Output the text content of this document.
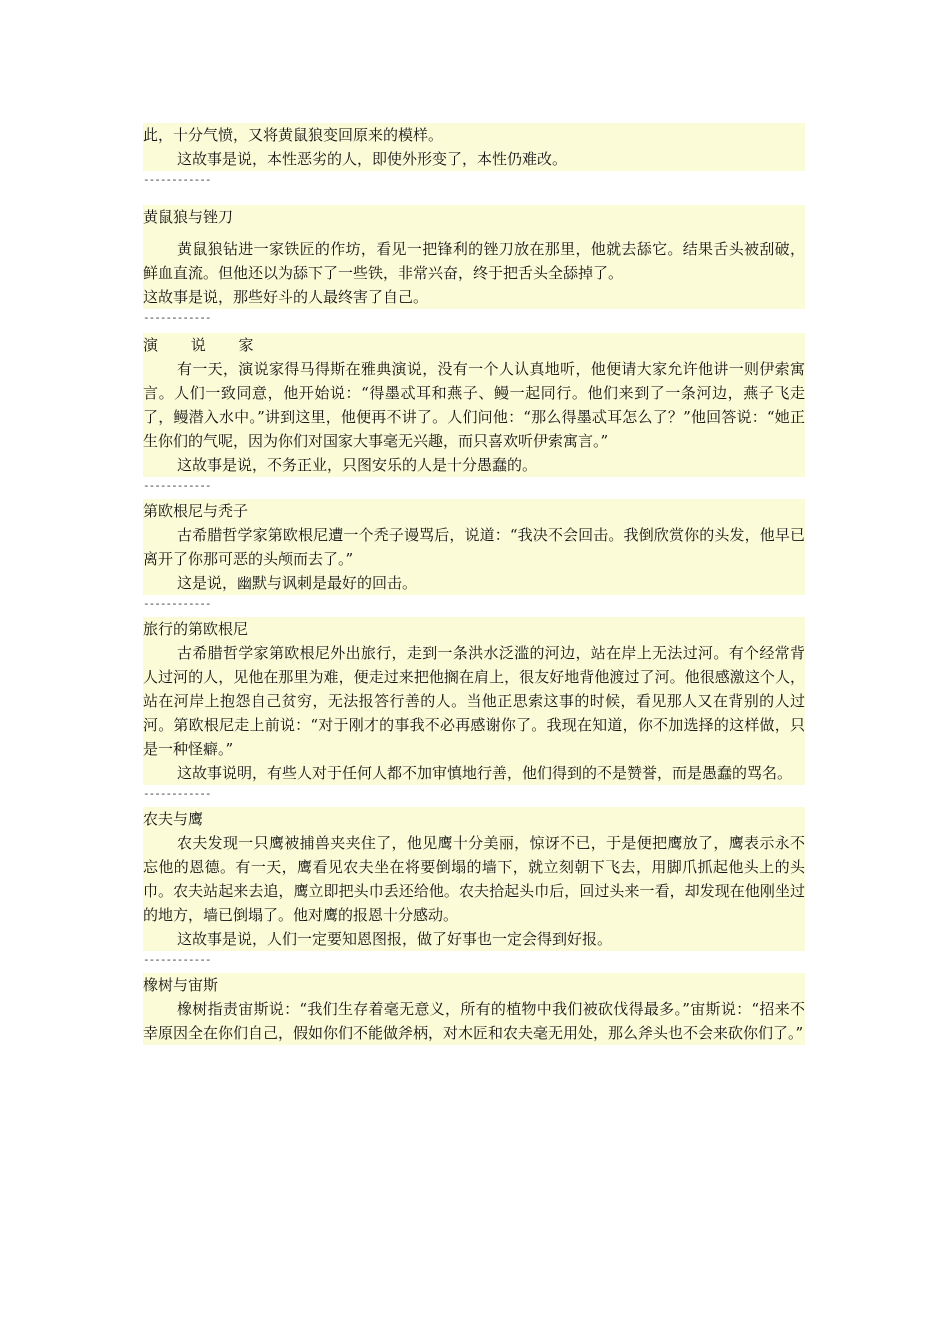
此，十分气愤，又将黄鼠狼变回原来的模样。

这故事是说，本性恶劣的人，即使外形变了，本性仍难改。

------------

黄鼠狼与锉刀

黄鼠狼钻进一家铁匠的作坊，看见一把锋利的锉刀放在那里，他就去舔它。结果舌头被刮破，鲜血直流。但他还以为舔下了一些铁，非常兴奋，终于把舌头全舔掉了。

这故事是说，那些好斗的人最终害了自己。

------------

演 说 家

有一天，演说家得马得斯在雅典演说，没有一个人认真地听，他便请大家允许他讲一则伊索寓言。人们一致同意，他开始说：“得墨忒耳和燕子、鳗一起同行。他们来到了一条河边，燕子飞走了，鳗潜入水中。”讲到这里，他便再不讲了。人们问他：“那么得墨忒耳怎么了？”他回答说：“她正生你们的气呢，因为你们对国家大事毫无兴趣，而只喜欢听伊索寓言。”

这故事是说，不务正业，只图安乐的人是十分愚蠢的。

------------

第欧根尼与秃子

古希腊哲学家第欧根尼遭一个秃子谩骂后，说道：“我决不会回击。我倒欣赏你的头发，他早已离开了你那可恶的头颅而去了。”

这是说，幽默与讽刺是最好的回击。

------------

旅行的第欧根尼

古希腊哲学家第欧根尼外出旅行，走到一条洪水泛滥的河边，站在岸上无法过河。有个经常背人过河的人，见他在那里为难，便走过来把他搁在肩上，很友好地背他渡过了河。他很感激这个人，站在河岸上抱怨自己贫穷，无法报答行善的人。当他正思索这事的时候，看见那人又在背别的人过河。第欧根尼走上前说：“对于刚才的事我不必再感谢你了。我现在知道，你不加选择的这样做，只是一种怪癖。”

这故事说明，有些人对于任何人都不加审慎地行善，他们得到的不是赞誉，而是愚蠢的骂名。

------------

农夫与鹰

农夫发现一只鹰被捕兽夹夹住了，他见鹰十分美丽，惊讶不已，于是便把鹰放了，鹰表示永不忘他的恩德。有一天，鹰看见农夫坐在将要倒塌的墙下，就立刻朝下飞去，用脚爪抓起他头上的头巾。农夫站起来去追，鹰立即把头巾丢还给他。农夫拾起头巾后，回过头来一看，却发现在他刚坐过的地方，墙已倒塌了。他对鹰的报恩十分感动。

这故事是说，人们一定要知恩图报，做了好事也一定会得到好报。

------------

橡树与宙斯

橡树指责宙斯说：“我们生存着毫无意义，所有的植物中我们被砍伐得最多。”宙斯说：“招来不幸原因全在你们自己，假如你们不能做斧柄，对木匠和农夫毫无用处，那么斧头也不会来砍你们了。”
